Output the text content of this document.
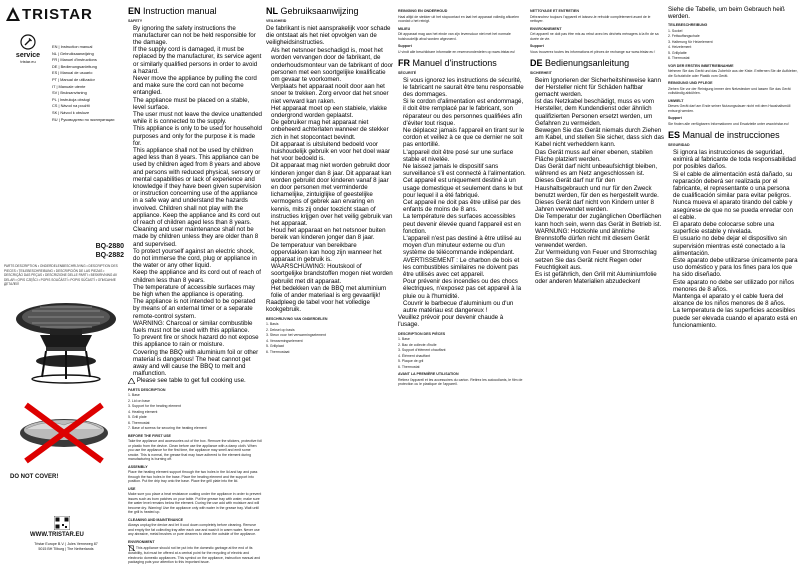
TRISTAR
service
tristar.eu
EN | Instruction manual
NL | Gebruiksaanwijzing
FR | Manuel d'instructions
DE | Bedienungsanleitung
ES | Manual de usuario
PT | Manual de utilizador
IT | Manuale utente
SV | Bruksanvisning
PL | Instrukcja obsługi
CS | Návod na použití
SK | Návod k obsluze
RU | Руководство по эксплуатации
BQ-2880
BQ-2882
PARTS DESCRIPTION • ONDERDELENBESCHRIJVING • DESCRIPTION DES PIECES • TEILEBESCHREIBUNG • DESCRIPCIÓN DE LAS PIEZAS • DESCRIÇÃO DAS PEÇAS • DESCRIZIONE DELLE PARTI • BESKRIVNING AV DELAR • OPIS CZĘŚCI • POPIS SOUČÁSTÍ • POPIS SÚČASTÍ • ОПИСАНИЕ ДЕТАЛЕЙ
DO NOT COVER!
WWW.TRISTAR.EU
Tristar Europe B.V. | Jules Verneweg 87
5015 BH Tilburg | The Netherlands
EN Instruction manual
SAFETY
• By ignoring the safety instructions the manufacturer can not be held responsible for the damage.
• If the supply cord is damaged, it must be replaced by the manufacturer, its service agent or similarly qualified persons in order to avoid a hazard.
• Never move the appliance by pulling the cord and make sure the cord can not become entangled.
• The appliance must be placed on a stable, level surface.
• The user must not leave the device unattended while it is connected to the supply.
• This appliance is only to be used for household purposes and only for the purpose it is made for.
• This appliance shall not be used by children aged less than 8 years. This appliance can be used by children aged from 8 years and above and persons with reduced physical, sensory or mental capabilities or lack of experience and knowledge if they have been given supervision or instruction concerning use of the appliance in a safe way and understand the hazards involved. Children shall not play with the appliance. Keep the appliance and its cord out of reach of children aged less than 8 years. Cleaning and user maintenance shall not be made by children unless they are older than 8 and supervised.
• To protect yourself against an electric shock, do not immerse the cord, plug or appliance in the water or any other liquid.
• Keep the appliance and its cord out of reach of children less than 8 years.
• The temperature of accessible surfaces may be high when the appliance is operating.
• The appliance is not intended to be operated by means of an external timer or a separate remote-control system.
• WARNING: Charcoal or similar combustible fuels must not be used with this appliance.
• To prevent fire or shock hazard do not expose this appliance to rain or moisture.
• Covering the BBQ with aluminium foil or other material is dangerous! The heat cannot get away and will cause the BBQ to melt and malfunction.

Please see table to get full cooking use.

PARTS DESCRIPTION

1. Base

2. Lid on base

3. Support for the heating element

4. Heating element

5. Grill plate

6. Thermostat

7. Base of screws for securing the heating element

BEFORE THE FIRST USE

Take the appliance and accessories out of the box. Remove the stickers, protective foil or plastic from the device. Clean before use the appliance with a damp cloth. When you use the appliance for the first time, the appliance may smell and emit some smoke. This is normal, the grease that may have adhered to the element during manufacturing is burning off.

ASSEMBLY

Place the heating element support through the two holes in the lid and tap and pass through the two holes in the base. Place the heating element and the support into position. Put the drip tray onto the base. Place the grill plate into the lid.

USE

Make sure you place a heat resistance coating under the appliance in order to prevent issues such as burn patches on your table. Put the grease tray with water, make sure the water level remains below the element. During the use add with moisture and will become dry. Warning! Use the appliance only with water in the grease tray. Wait until the grill is heated up.

CLEANING AND MAINTENANCE

Always unplug the device and let it cool down completely before cleaning. Remove and empty the fat collecting tray after each use and wash it in warm water. Never use any abrasive, metal brushes or pure cleaners to clean the outside of the appliance.

ENVIRONMENT

This appliance should not be put into the domestic garbage at the end of its durability, but must be offered at a central point for the recycling of electric and electronic domestic appliances. This symbol on the appliance, instruction manual and packaging puts your attention to this important issue.

NL Gebruiksaanwijzing
VEILIGHEID

De fabrikant is niet aansprakelijk voor schade die ontstaat als het niet opvolgen van de veiligheidsinstructies.

• Als het netsnoer beschadigd is, moet het worden vervangen door de fabrikant, de onderhoudsmonteur van de fabrikant of door personen met een soortgelijke kwalificatie om gevaar te voorkomen.
• Verplaats het apparaat nooit door aan het snoer te trekken. Zorg ervoor dat het snoer niet verward kan raken.
• Het apparaat moet op een stabiele, vlakke ondergrond worden geplaatst.
• De gebruiker mag het apparaat niet onbeheerd achterlaten wanneer de stekker zich in het stopcontact bevindt.
• Dit apparaat is uitsluitend bedoeld voor huishoudelijk gebruik en voor het doel waar het voor bedoeld is.
• Dit apparaat mag niet worden gebruikt door kinderen jonger dan 8 jaar. Dit apparaat kan worden gebruikt door kinderen vanaf 8 jaar en door personen met verminderde lichamelijke, zintuiglijke of geestelijke vermogens of gebrek aan ervaring en kennis, mits zij onder toezicht staan of instructies krijgen over het veilig gebruik van het apparaat.
• Houd het apparaat en het netsnoer buiten bereik van kinderen jonger dan 8 jaar.
• De temperatuur van bereikbare oppervlakken kan hoog zijn wanneer het apparaat in gebruik is.
• WAARSCHUWING: Houtskool of soortgelijke brandstoffen mogen niet worden gebruikt met dit apparaat.
• Het bedekken van de BBQ met aluminium folie of ander materiaal is erg gevaarlijk!

Raadpleeg de tabel voor het volledige kookgebruik.

BESCHRIJVING VAN ONDERDELEN

1. Basis

2. Deksel op basis

3. Steun voor het verwarmingselement

4. Verwarmingselement

5. Grillplaat

6. Thermostaat

REINIGING EN ONDERHOUD

Haal altijd de stekker uit het stopcontact en laat het apparaat volledig afkoelen voordat u het reinigt.

MILIEU

Dit apparaat mag aan het einde van zijn levensduur niet met het normale huishoudelijk afval worden afgevoerd.

Support

U vindt alle beschikbare informatie en reserveonderdelen op www.tristar.eu!

FR Manuel d'instructions
SÉCURITÉ
• Si vous ignorez les instructions de sécurité, le fabricant ne saurait être tenu responsable des dommages.
• Si le cordon d'alimentation est endommagé, il doit être remplacé par le fabricant, son réparateur ou des personnes qualifiées afin d'éviter tout risque.
• Ne déplacez jamais l'appareil en tirant sur le cordon et veillez à ce que ce dernier ne soit pas entortillé.
• L'appareil doit être posé sur une surface stable et nivelée.
• Ne laissez jamais le dispositif sans surveillance s'il est connecté à l'alimentation.
• Cet appareil est uniquement destiné à un usage domestique et seulement dans le but pour lequel il a été fabriqué.
• Cet appareil ne doit pas être utilisé par des enfants de moins de 8 ans.
• La température des surfaces accessibles peut devenir élevée quand l'appareil est en fonction.
• L'appareil n'est pas destiné à être utilisé au moyen d'un minuteur externe ou d'un système de télécommande indépendant.
• AVERTISSEMENT : Le charbon de bois et les combustibles similaires ne doivent pas être utilisés avec cet appareil.
• Pour prévenir des incendies ou des chocs électriques, n'exposez pas cet appareil à la pluie ou à l'humidité.
• Couvrir le barbecue d'aluminium ou d'un autre matériau est dangereux !

Veuillez prévoir pour devenir chaude à l'usage.

DESCRIPTION DES PIÈCES

1. Base

2. Bac de collecte d'huile

3. Support d'élément chauffant

4. Élément chauffant

5. Plaque de gril

6. Thermostat

AVANT LA PREMIÈRE UTILISATION

Retirez l'appareil et les accessoires du carton. Retirez les autocollants, le film de protection ou le plastique de l'appareil.

NETTOYAGE ET ENTRETIEN

Débranchez toujours l'appareil et laissez-le refroidir complètement avant de le nettoyer.

ENVIRONNEMENT

Cet appareil ne doit pas être mis au rebut avec les déchets ménagers à la fin de sa durée de vie.

Support

Vous trouverez toutes les informations et pièces de rechange sur www.tristar.eu !

DE Bedienungsanleitung
SICHERHEIT
• Beim Ignorieren der Sicherheitshinweise kann der Hersteller nicht für Schäden haftbar gemacht werden.
• Ist das Netzkabel beschädigt, muss es vom Hersteller, dem Kundendienst oder ähnlich qualifizierten Personen ersetzt werden, um Gefahren zu vermeiden.
• Bewegen Sie das Gerät niemals durch Ziehen am Kabel, und stellen Sie sicher, dass sich das Kabel nicht verheddern kann.
• Das Gerät muss auf einer ebenen, stabilen Fläche platziert werden.
• Das Gerät darf nicht unbeaufsichtigt bleiben, während es am Netz angeschlossen ist.
• Dieses Gerät darf nur für den Haushaltsgebrauch und nur für den Zweck benutzt werden, für den es hergestellt wurde.
• Dieses Gerät darf nicht von Kindern unter 8 Jahren verwendet werden.
• Die Temperatur der zugänglichen Oberflächen kann hoch sein, wenn das Gerät in Betrieb ist.
• WARNUNG: Holzkohle und ähnliche Brennstoffe dürfen nicht mit diesem Gerät verwendet werden.
• Zur Vermeidung von Feuer und Stromschlag setzen Sie das Gerät nicht Regen oder Feuchtigkeit aus.
• Es ist gefährlich, den Grill mit Aluminiumfolie oder anderen Materialien abzudecken!

Siehe die Tabelle, um beim Gebrauch heiß werden.

TEILEBESCHREIBUNG

1. Sockel

2. Fettauffangschale

3. Halterung für Heizelement

4. Heizelement

5. Grillplatte

6. Thermostat

VOR DER ERSTEN INBETRIEBNAHME

Nehmen Sie das Gerät und das Zubehör aus der Kiste. Entfernen Sie die Aufkleber, die Schutzfolie oder Plastik vom Gerät.

REINIGUNG UND PFLEGE

Ziehen Sie vor der Reinigung immer den Netzstecker und lassen Sie das Gerät vollständig abkühlen.

UMWELT

Dieses Gerät darf am Ende seiner Nutzungsdauer nicht mit dem Haushaltsmüll entsorgt werden.

Support

Sie finden alle verfügbaren Informationen und Ersatzteile unter www.tristar.eu!

ES Manual de instrucciones
SEGURIDAD
• Si ignora las instrucciones de seguridad, eximirá al fabricante de toda responsabilidad por posibles daños.
• Si el cable de alimentación está dañado, su reparación deberá ser realizada por el fabricante, el representante o una persona de cualificación similar para evitar peligros.
• Nunca mueva el aparato tirando del cable y asegúrese de que no se pueda enredar con el cable.
• El aparato debe colocarse sobre una superficie estable y nivelada.
• El usuario no debe dejar el dispositivo sin supervisión mientras esté conectado a la alimentación.
• Este aparato debe utilizarse únicamente para uso doméstico y para los fines para los que ha sido diseñado.
• Este aparato no debe ser utilizado por niños menores de 8 años.
• Mantenga el aparato y el cable fuera del alcance de los niños menores de 8 años.
• La temperatura de las superficies accesibles puede ser elevada cuando el aparato está en funcionamiento.
